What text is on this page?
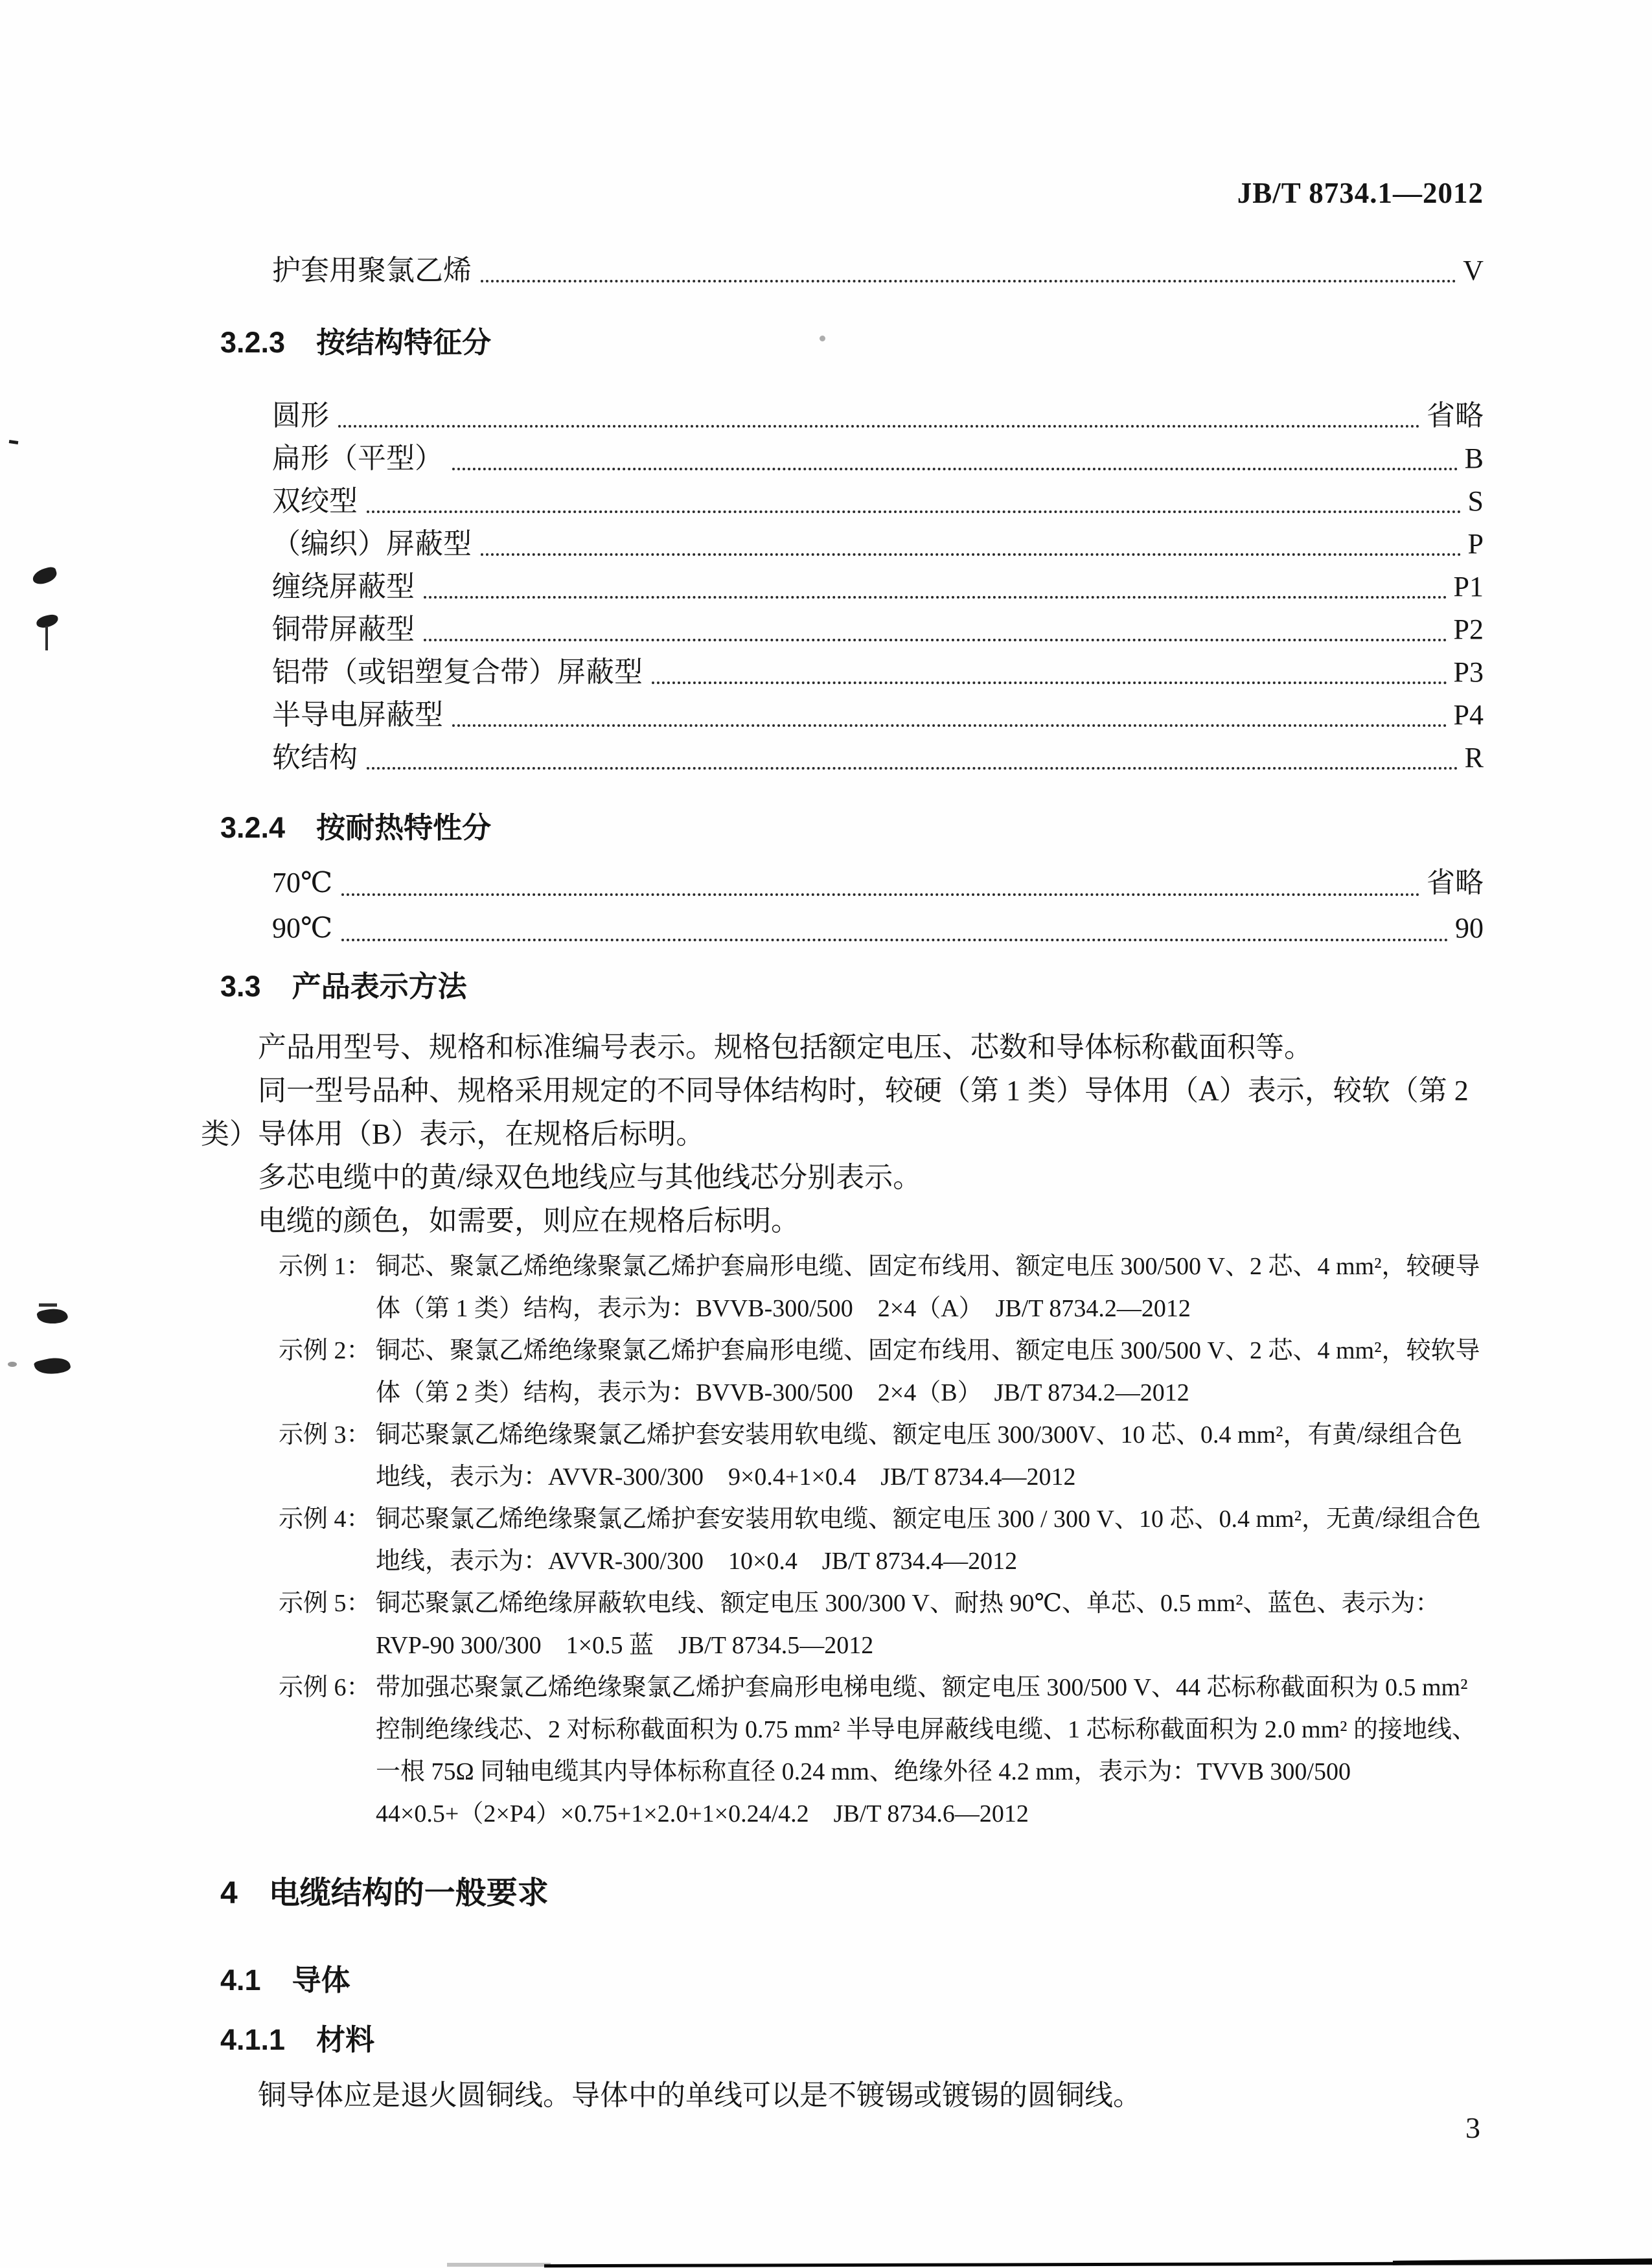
JB/T 8734.1—2012
护套用聚氯乙烯	V
3.2.3 按结构特征分
圆形	省略
扁形（平型）	B
双绞型	S
（编织）屏蔽型	P
缠绕屏蔽型	P1
铜带屏蔽型	P2
铝带（或铝塑复合带）屏蔽型	P3
半导电屏蔽型	P4
软结构	R
3.2.4 按耐热特性分
70℃	省略
90℃	90
3.3 产品表示方法

产品用型号、规格和标准编号表示。规格包括额定电压、芯数和导体标称截面积等。

同一型号品种、规格采用规定的不同导体结构时，较硬（第 1 类）导体用（A）表示，较软（第 2 类）导体用（B）表示，在规格后标明。

多芯电缆中的黄/绿双色地线应与其他线芯分别表示。

电缆的颜色，如需要，则应在规格后标明。

示例 1： 铜芯、聚氯乙烯绝缘聚氯乙烯护套扁形电缆、固定布线用、额定电压 300/500 V、2 芯、4 mm²，较硬导体（第 1 类）结构，表示为：BVVB-300/500　2×4（A）　JB/T 8734.2—2012
示例 2： 铜芯、聚氯乙烯绝缘聚氯乙烯护套扁形电缆、固定布线用、额定电压 300/500 V、2 芯、4 mm²，较软导体（第 2 类）结构，表示为：BVVB-300/500　2×4（B）　JB/T 8734.2—2012
示例 3： 铜芯聚氯乙烯绝缘聚氯乙烯护套安装用软电缆、额定电压 300/300V、10 芯、0.4 mm²，有黄/绿组合色地线，表示为：AVVR-300/300　9×0.4+1×0.4　JB/T 8734.4—2012
示例 4： 铜芯聚氯乙烯绝缘聚氯乙烯护套安装用软电缆、额定电压 300 / 300 V、10 芯、0.4 mm²，无黄/绿组合色地线，表示为：AVVR-300/300　10×0.4　JB/T 8734.4—2012
示例 5： 铜芯聚氯乙烯绝缘屏蔽软电线、额定电压 300/300 V、耐热 90℃、单芯、0.5 mm²、蓝色、表示为：RVP-90 300/300　1×0.5 蓝　JB/T 8734.5—2012
示例 6： 带加强芯聚氯乙烯绝缘聚氯乙烯护套扁形电梯电缆、额定电压 300/500 V、44 芯标称截面积为 0.5 mm² 控制绝缘线芯、2 对标称截面积为 0.75 mm² 半导电屏蔽线电缆、1 芯标称截面积为 2.0 mm² 的接地线、一根 75Ω 同轴电缆其内导体标称直径 0.24 mm、绝缘外径 4.2 mm，表示为：TVVB 300/500　44×0.5+（2×P4）×0.75+1×2.0+1×0.24/4.2　JB/T 8734.6—2012
4 电缆结构的一般要求
4.1 导体
4.1.1 材料

铜导体应是退火圆铜线。导体中的单线可以是不镀锡或镀锡的圆铜线。

3
